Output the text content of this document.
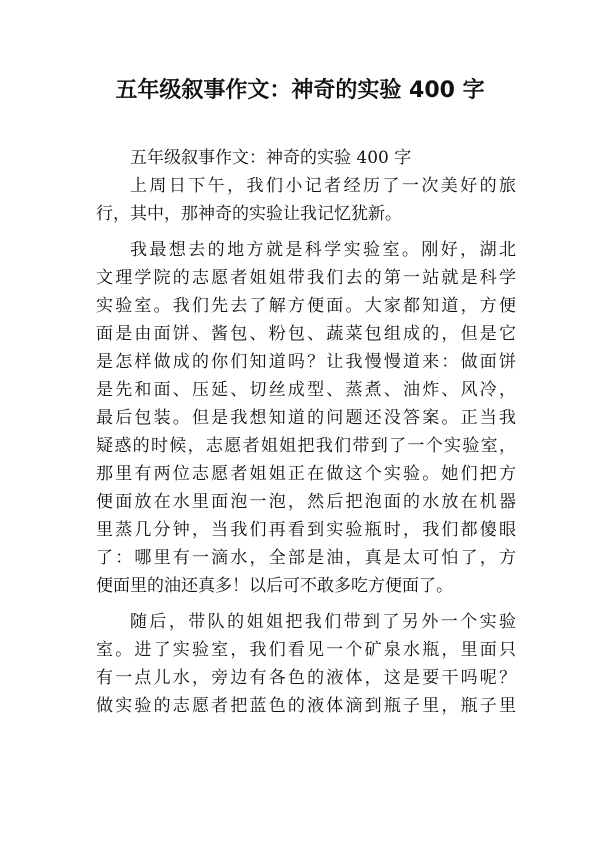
五年级叙事作文：神奇的实验 400 字
五年级叙事作文：神奇的实验 400 字
上周日下午，我们小记者经历了一次美好的旅
行，其中，那神奇的实验让我记忆犹新。
我最想去的地方就是科学实验室。刚好，湖北
文理学院的志愿者姐姐带我们去的第一站就是科学
实验室。我们先去了解方便面。大家都知道，方便
面是由面饼、酱包、粉包、蔬菜包组成的，但是它
是怎样做成的你们知道吗？让我慢慢道来：做面饼
是先和面、压延、切丝成型、蒸煮、油炸、风冷，
最后包装。但是我想知道的问题还没答案。正当我
疑惑的时候，志愿者姐姐把我们带到了一个实验室，
那里有两位志愿者姐姐正在做这个实验。她们把方
便面放在水里面泡一泡，然后把泡面的水放在机器
里蒸几分钟，当我们再看到实验瓶时，我们都傻眼
了：哪里有一滴水，全部是油，真是太可怕了，方
便面里的油还真多！以后可不敢多吃方便面了。
随后，带队的姐姐把我们带到了另外一个实验
室。进了实验室，我们看见一个矿泉水瓶，里面只
有一点儿水，旁边有各色的液体，这是要干吗呢？
做实验的志愿者把蓝色的液体滴到瓶子里，瓶子里
